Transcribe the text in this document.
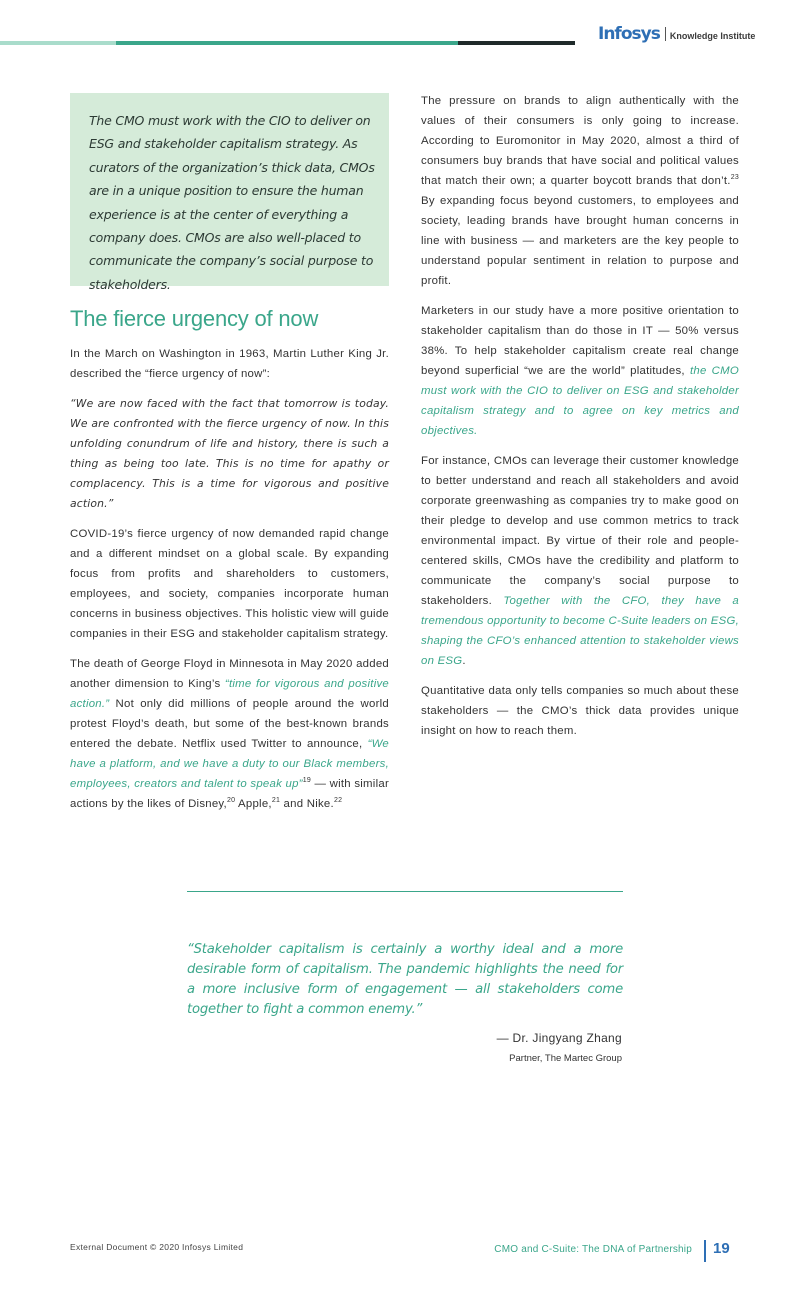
Infosys Knowledge Institute

The CMO must work with the CIO to deliver on ESG and stakeholder capitalism strategy. As curators of the organization’s thick data, CMOs are in a unique position to ensure the human experience is at the center of everything a company does. CMOs are also well-placed to communicate the company’s social purpose to stakeholders.

The fierce urgency of now

In the March on Washington in 1963, Martin Luther King Jr. described the “fierce urgency of now”:

“We are now faced with the fact that tomorrow is today. We are confronted with the fierce urgency of now. In this unfolding conundrum of life and history, there is such a thing as being too late. This is no time for apathy or complacency. This is a time for vigorous and positive action.”

COVID-19’s fierce urgency of now demanded rapid change and a different mindset on a global scale. By expanding focus from profits and shareholders to customers, employees, and society, companies incorporate human concerns in business objectives. This holistic view will guide companies in their ESG and stakeholder capitalism strategy.

The death of George Floyd in Minnesota in May 2020 added another dimension to King’s “time for vigorous and positive action.” Not only did millions of people around the world protest Floyd’s death, but some of the best-known brands entered the debate. Netflix used Twitter to announce, “We have a platform, and we have a duty to our Black members, employees, creators and talent to speak up”$^{19}$ — with similar actions by the likes of Disney,$^{20}$ Apple,$^{21}$ and Nike.$^{22}$

The pressure on brands to align authentically with the values of their consumers is only going to increase. According to Euromonitor in May 2020, almost a third of consumers buy brands that have social and political values that match their own; a quarter boycott brands that don’t.$^{23}$ By expanding focus beyond customers, to employees and society, leading brands have brought human concerns in line with business — and marketers are the key people to understand popular sentiment in relation to purpose and profit.

Marketers in our study have a more positive orientation to stakeholder capitalism than do those in IT — 50% versus 38%. To help stakeholder capitalism create real change beyond superficial “we are the world” platitudes, the CMO must work with the CIO to deliver on ESG and stakeholder capitalism strategy and to agree on key metrics and objectives.

For instance, CMOs can leverage their customer knowledge to better understand and reach all stakeholders and avoid corporate greenwashing as companies try to make good on their pledge to develop and use common metrics to track environmental impact. By virtue of their role and people-centered skills, CMOs have the credibility and platform to communicate the company’s social purpose to stakeholders. Together with the CFO, they have a tremendous opportunity to become C-Suite leaders on ESG, shaping the CFO’s enhanced attention to stakeholder views on ESG.

Quantitative data only tells companies so much about these stakeholders — the CMO’s thick data provides unique insight on how to reach them.

“Stakeholder capitalism is certainly a worthy ideal and a more desirable form of capitalism. The pandemic highlights the need for a more inclusive form of engagement — all stakeholders come together to fight a common enemy.”

— Dr. Jingyang Zhang
Partner, The Martec Group
External Document © 2020 Infosys Limited	CMO and C-Suite: The DNA of Partnership 19
